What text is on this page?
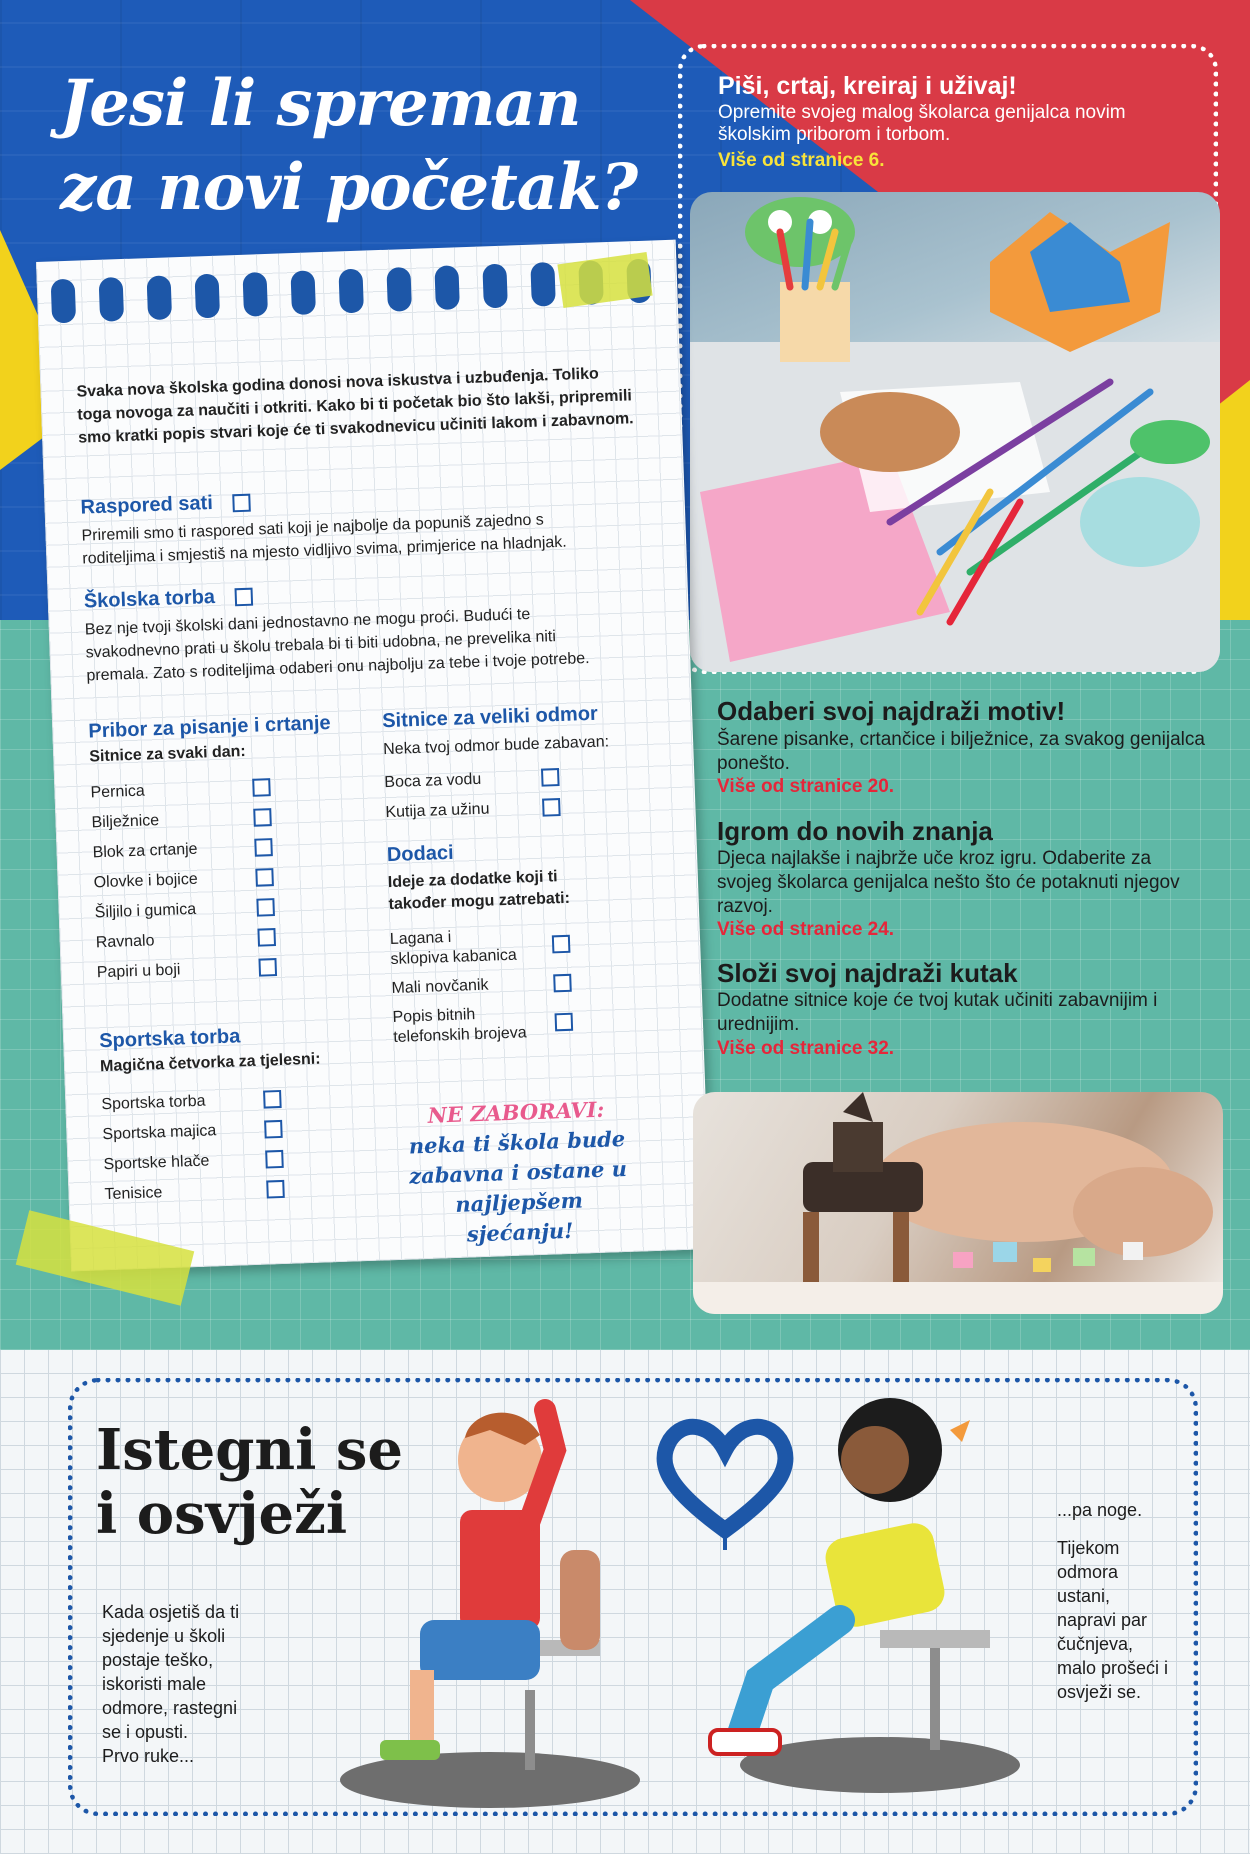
Jesi li spreman
za novi početak?
Piši, crtaj, kreiraj i uživaj!
Opremite svojeg malog školarca genijalca novim školskim priborom i torbom.
Više od stranice 6.
Svaka nova školska godina donosi nova iskustva i uzbuđenja. Toliko toga novoga za naučiti i otkriti. Kako bi ti početak bio što lakši, pripremili smo kratki popis stvari koje će ti svakodnevicu učiniti lakom i zabavnom.
Raspored sati
Priremili smo ti raspored sati koji je najbolje da popuniš zajedno s roditeljima i smjestiš na mjesto vidljivo svima, primjerice na hladnjak.
Školska torba
Bez nje tvoji školski dani jednostavno ne mogu proći. Budući te svakodnevno prati u školu trebala bi ti biti udobna, ne prevelika niti premala. Zato s roditeljima odaberi onu najbolju za tebe i tvoje potrebe.
Pribor za pisanje i crtanje
Sitnice za svaki dan:
Pernica
Bilježnice
Blok za crtanje
Olovke i bojice
Šiljilo i gumica
Ravnalo
Papiri u boji
Sportska torba
Magična četvorka za tjelesni:
Sportska torba
Sportska majica
Sportske hlače
Tenisice
Sitnice za veliki odmor
Neka tvoj odmor bude zabavan:
Boca za vodu
Kutija za užinu
Dodaci
Ideje za dodatke koji ti također mogu zatrebati:
Lagana i
sklopiva kabanica
Mali novčanik
Popis bitnih
telefonskih brojeva
NE ZABORAVI:
neka ti škola bude zabavna i ostane u najljepšem sjećanju!
Odaberi svoj najdraži motiv!
Šarene pisanke, crtančice i bilježnice, za svakog genijalca ponešto.
Više od stranice 20.
Igrom do novih znanja
Djeca najlakše i najbrže uče kroz igru. Odaberite za svojeg školarca genijalca nešto što će potaknuti njegov razvoj.
Više od stranice 24.
Složi svoj najdraži kutak
Dodatne sitnice koje će tvoj kutak učiniti zabavnijim i urednijim.
Više od stranice 32.
Istegni se
i osvježi
Kada osjetiš da ti
sjedenje u školi
postaje teško,
iskoristi male
odmore, rastegni
se i opusti.
Prvo ruke...
...pa noge.
Tijekom
odmora
ustani,
napravi par
čučnjeva,
malo prošeći i
osvježi se.
